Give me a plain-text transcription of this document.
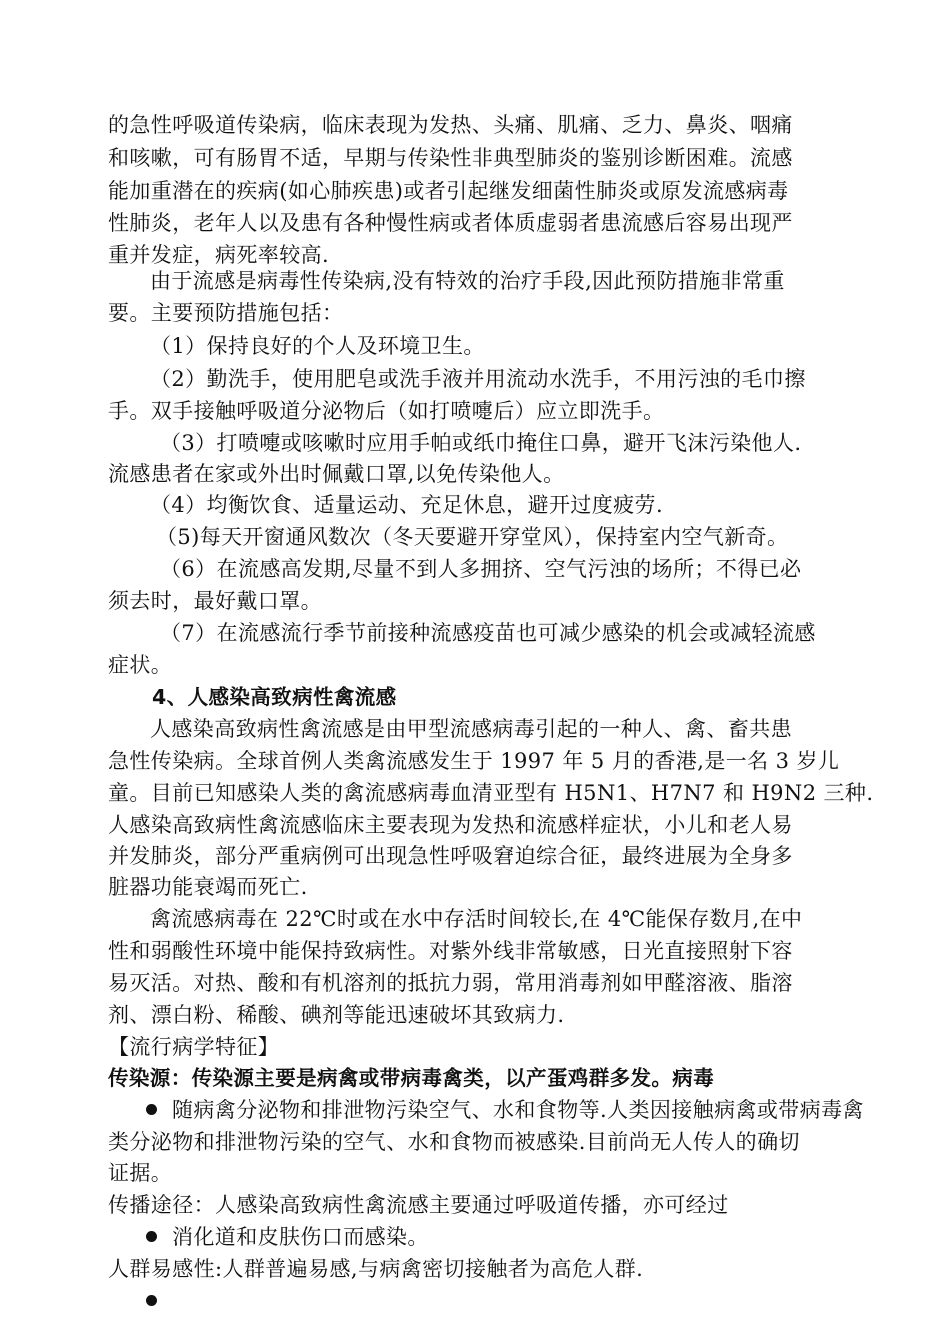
的急性呼吸道传染病，临床表现为发热、头痛、肌痛、乏力、鼻炎、咽痛
和咳嗽，可有肠胃不适，早期与传染性非典型肺炎的鉴别诊断困难。流感
能加重潜在的疾病(如心肺疾患)或者引起继发细菌性肺炎或原发流感病毒
性肺炎，老年人以及患有各种慢性病或者体质虚弱者患流感后容易出现严
重并发症，病死率较高.
由于流感是病毒性传染病,没有特效的治疗手段,因此预防措施非常重
要。主要预防措施包括：
（1）保持良好的个人及环境卫生。
（2）勤洗手，使用肥皂或洗手液并用流动水洗手，不用污浊的毛巾擦
手。双手接触呼吸道分泌物后（如打喷嚏后）应立即洗手。
（3）打喷嚏或咳嗽时应用手帕或纸巾掩住口鼻，避开飞沫污染他人.
流感患者在家或外出时佩戴口罩,以免传染他人。
（4）均衡饮食、适量运动、充足休息，避开过度疲劳.
（5)每天开窗通风数次（冬天要避开穿堂风），保持室内空气新奇。
（6）在流感高发期,尽量不到人多拥挤、空气污浊的场所；不得已必
须去时，最好戴口罩。
（7）在流感流行季节前接种流感疫苗也可减少感染的机会或减轻流感
症状。
4、人感染高致病性禽流感
人感染高致病性禽流感是由甲型流感病毒引起的一种人、禽、畜共患
急性传染病。全球首例人类禽流感发生于 1997 年 5 月的香港,是一名 3 岁儿
童。目前已知感染人类的禽流感病毒血清亚型有 H5N1、H7N7 和 H9N2 三种.
人感染高致病性禽流感临床主要表现为发热和流感样症状，小儿和老人易
并发肺炎，部分严重病例可出现急性呼吸窘迫综合征，最终进展为全身多
脏器功能衰竭而死亡.
禽流感病毒在 22℃时或在水中存活时间较长,在 4℃能保存数月,在中
性和弱酸性环境中能保持致病性。对紫外线非常敏感，日光直接照射下容
易灭活。对热、酸和有机溶剂的抵抗力弱，常用消毒剂如甲醛溶液、脂溶
剂、漂白粉、稀酸、碘剂等能迅速破坏其致病力.
【流行病学特征】
传染源：传染源主要是病禽或带病毒禽类，以产蛋鸡群多发。病毒
随病禽分泌物和排泄物污染空气、水和食物等.人类因接触病禽或带病毒禽
类分泌物和排泄物污染的空气、水和食物而被感染.目前尚无人传人的确切
证据。
传播途径：人感染高致病性禽流感主要通过呼吸道传播，亦可经过
消化道和皮肤伤口而感染。
人群易感性:人群普遍易感,与病禽密切接触者为高危人群.
